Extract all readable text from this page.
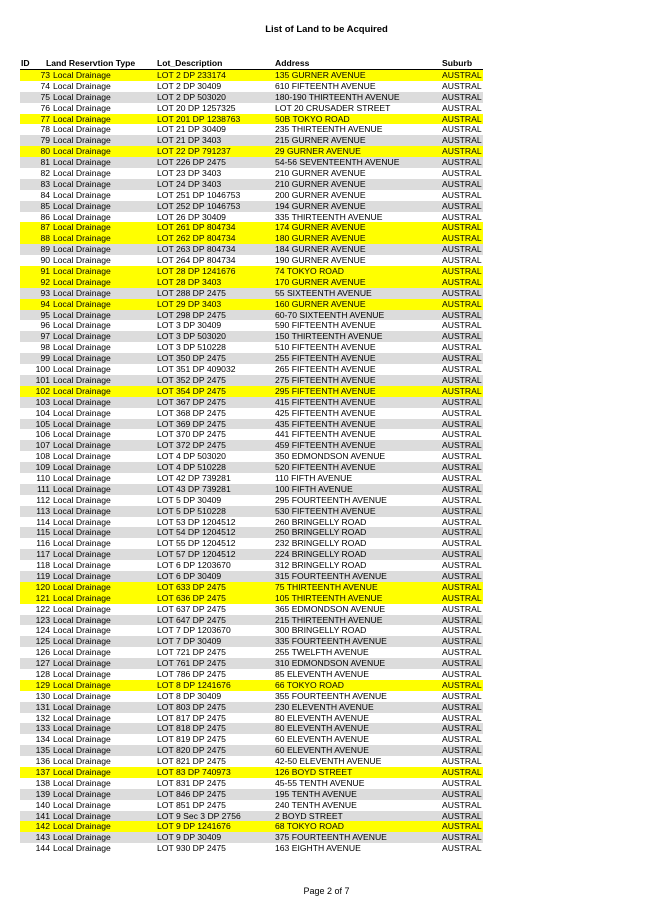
List of Land to be Acquired
ID Land Reservtion Type	Lot_Description	Address	Suburb
73 Local Drainage	LOT 2 DP 233174	135 GURNER AVENUE	AUSTRAL
74 Local Drainage	LOT 2 DP 30409	610 FIFTEENTH AVENUE	AUSTRAL
75 Local Drainage	LOT 2 DP 503020	180-190 THIRTEENTH AVENUE	AUSTRAL
76 Local Drainage	LOT 20 DP 1257325	LOT 20 CRUSADER STREET	AUSTRAL
77 Local Drainage	LOT 201 DP 1238763	50B TOKYO ROAD	AUSTRAL
78 Local Drainage	LOT 21 DP 30409	235 THIRTEENTH AVENUE	AUSTRAL
79 Local Drainage	LOT 21 DP 3403	215 GURNER AVENUE	AUSTRAL
80 Local Drainage	LOT 22 DP 791237	29 GURNER AVENUE	AUSTRAL
81 Local Drainage	LOT 226 DP 2475	54-56 SEVENTEENTH AVENUE	AUSTRAL
82 Local Drainage	LOT 23 DP 3403	210 GURNER AVENUE	AUSTRAL
83 Local Drainage	LOT 24 DP 3403	210 GURNER AVENUE	AUSTRAL
84 Local Drainage	LOT 251 DP 1046753	200 GURNER AVENUE	AUSTRAL
85 Local Drainage	LOT 252 DP 1046753	194 GURNER AVENUE	AUSTRAL
86 Local Drainage	LOT 26 DP 30409	335 THIRTEENTH AVENUE	AUSTRAL
87 Local Drainage	LOT 261 DP 804734	174 GURNER AVENUE	AUSTRAL
88 Local Drainage	LOT 262 DP 804734	180 GURNER AVENUE	AUSTRAL
89 Local Drainage	LOT 263 DP 804734	184 GURNER AVENUE	AUSTRAL
90 Local Drainage	LOT 264 DP 804734	190 GURNER AVENUE	AUSTRAL
91 Local Drainage	LOT 28 DP 1241676	74 TOKYO ROAD	AUSTRAL
92 Local Drainage	LOT 28 DP 3403	170 GURNER AVENUE	AUSTRAL
93 Local Drainage	LOT 288 DP 2475	55 SIXTEENTH AVENUE	AUSTRAL
94 Local Drainage	LOT 29 DP 3403	160 GURNER AVENUE	AUSTRAL
95 Local Drainage	LOT 298 DP 2475	60-70 SIXTEENTH AVENUE	AUSTRAL
96 Local Drainage	LOT 3 DP 30409	590 FIFTEENTH AVENUE	AUSTRAL
97 Local Drainage	LOT 3 DP 503020	150 THIRTEENTH AVENUE	AUSTRAL
98 Local Drainage	LOT 3 DP 510228	510 FIFTEENTH AVENUE	AUSTRAL
99 Local Drainage	LOT 350 DP 2475	255 FIFTEENTH AVENUE	AUSTRAL
100 Local Drainage	LOT 351 DP 409032	265 FIFTEENTH AVENUE	AUSTRAL
101 Local Drainage	LOT 352 DP 2475	275 FIFTEENTH AVENUE	AUSTRAL
102 Local Drainage	LOT 354 DP 2475	295 FIFTEENTH AVENUE	AUSTRAL
103 Local Drainage	LOT 367 DP 2475	415 FIFTEENTH AVENUE	AUSTRAL
104 Local Drainage	LOT 368 DP 2475	425 FIFTEENTH AVENUE	AUSTRAL
105 Local Drainage	LOT 369 DP 2475	435 FIFTEENTH AVENUE	AUSTRAL
106 Local Drainage	LOT 370 DP 2475	441 FIFTEENTH AVENUE	AUSTRAL
107 Local Drainage	LOT 372 DP 2475	459 FIFTEENTH AVENUE	AUSTRAL
108 Local Drainage	LOT 4 DP 503020	350 EDMONDSON AVENUE	AUSTRAL
109 Local Drainage	LOT 4 DP 510228	520 FIFTEENTH AVENUE	AUSTRAL
110 Local Drainage	LOT 42 DP 739281	110 FIFTH AVENUE	AUSTRAL
111 Local Drainage	LOT 43 DP 739281	100 FIFTH AVENUE	AUSTRAL
112 Local Drainage	LOT 5 DP 30409	295 FOURTEENTH AVENUE	AUSTRAL
113 Local Drainage	LOT 5 DP 510228	530 FIFTEENTH AVENUE	AUSTRAL
114 Local Drainage	LOT 53 DP 1204512	260 BRINGELLY ROAD	AUSTRAL
115 Local Drainage	LOT 54 DP 1204512	250 BRINGELLY ROAD	AUSTRAL
116 Local Drainage	LOT 55 DP 1204512	232 BRINGELLY ROAD	AUSTRAL
117 Local Drainage	LOT 57 DP 1204512	224 BRINGELLY ROAD	AUSTRAL
118 Local Drainage	LOT 6 DP 1203670	312 BRINGELLY ROAD	AUSTRAL
119 Local Drainage	LOT 6 DP 30409	315 FOURTEENTH AVENUE	AUSTRAL
120 Local Drainage	LOT 633 DP 2475	75 THIRTEENTH AVENUE	AUSTRAL
121 Local Drainage	LOT 636 DP 2475	105 THIRTEENTH AVENUE	AUSTRAL
122 Local Drainage	LOT 637 DP 2475	365 EDMONDSON AVENUE	AUSTRAL
123 Local Drainage	LOT 647 DP 2475	215 THIRTEENTH AVENUE	AUSTRAL
124 Local Drainage	LOT 7 DP 1203670	300 BRINGELLY ROAD	AUSTRAL
125 Local Drainage	LOT 7 DP 30409	335 FOURTEENTH AVENUE	AUSTRAL
126 Local Drainage	LOT 721 DP 2475	255 TWELFTH AVENUE	AUSTRAL
127 Local Drainage	LOT 761 DP 2475	310 EDMONDSON AVENUE	AUSTRAL
128 Local Drainage	LOT 786 DP 2475	85 ELEVENTH AVENUE	AUSTRAL
129 Local Drainage	LOT 8 DP 1241676	66 TOKYO ROAD	AUSTRAL
130 Local Drainage	LOT 8 DP 30409	355 FOURTEENTH AVENUE	AUSTRAL
131 Local Drainage	LOT 803 DP 2475	230 ELEVENTH AVENUE	AUSTRAL
132 Local Drainage	LOT 817 DP 2475	80 ELEVENTH AVENUE	AUSTRAL
133 Local Drainage	LOT 818 DP 2475	80 ELEVENTH AVENUE	AUSTRAL
134 Local Drainage	LOT 819 DP 2475	60 ELEVENTH AVENUE	AUSTRAL
135 Local Drainage	LOT 820 DP 2475	60 ELEVENTH AVENUE	AUSTRAL
136 Local Drainage	LOT 821 DP 2475	42-50 ELEVENTH AVENUE	AUSTRAL
137 Local Drainage	LOT 83 DP 740973	126 BOYD STREET	AUSTRAL
138 Local Drainage	LOT 831 DP 2475	45-55 TENTH AVENUE	AUSTRAL
139 Local Drainage	LOT 846 DP 2475	195 TENTH AVENUE	AUSTRAL
140 Local Drainage	LOT 851 DP 2475	240 TENTH AVENUE	AUSTRAL
141 Local Drainage	LOT 9 Sec 3 DP 2756	2 BOYD STREET	AUSTRAL
142 Local Drainage	LOT 9 DP 1241676	68 TOKYO ROAD	AUSTRAL
143 Local Drainage	LOT 9 DP 30409	375 FOURTEENTH AVENUE	AUSTRAL
144 Local Drainage	LOT 930 DP 2475	163 EIGHTH AVENUE	AUSTRAL
Page 2 of 7
